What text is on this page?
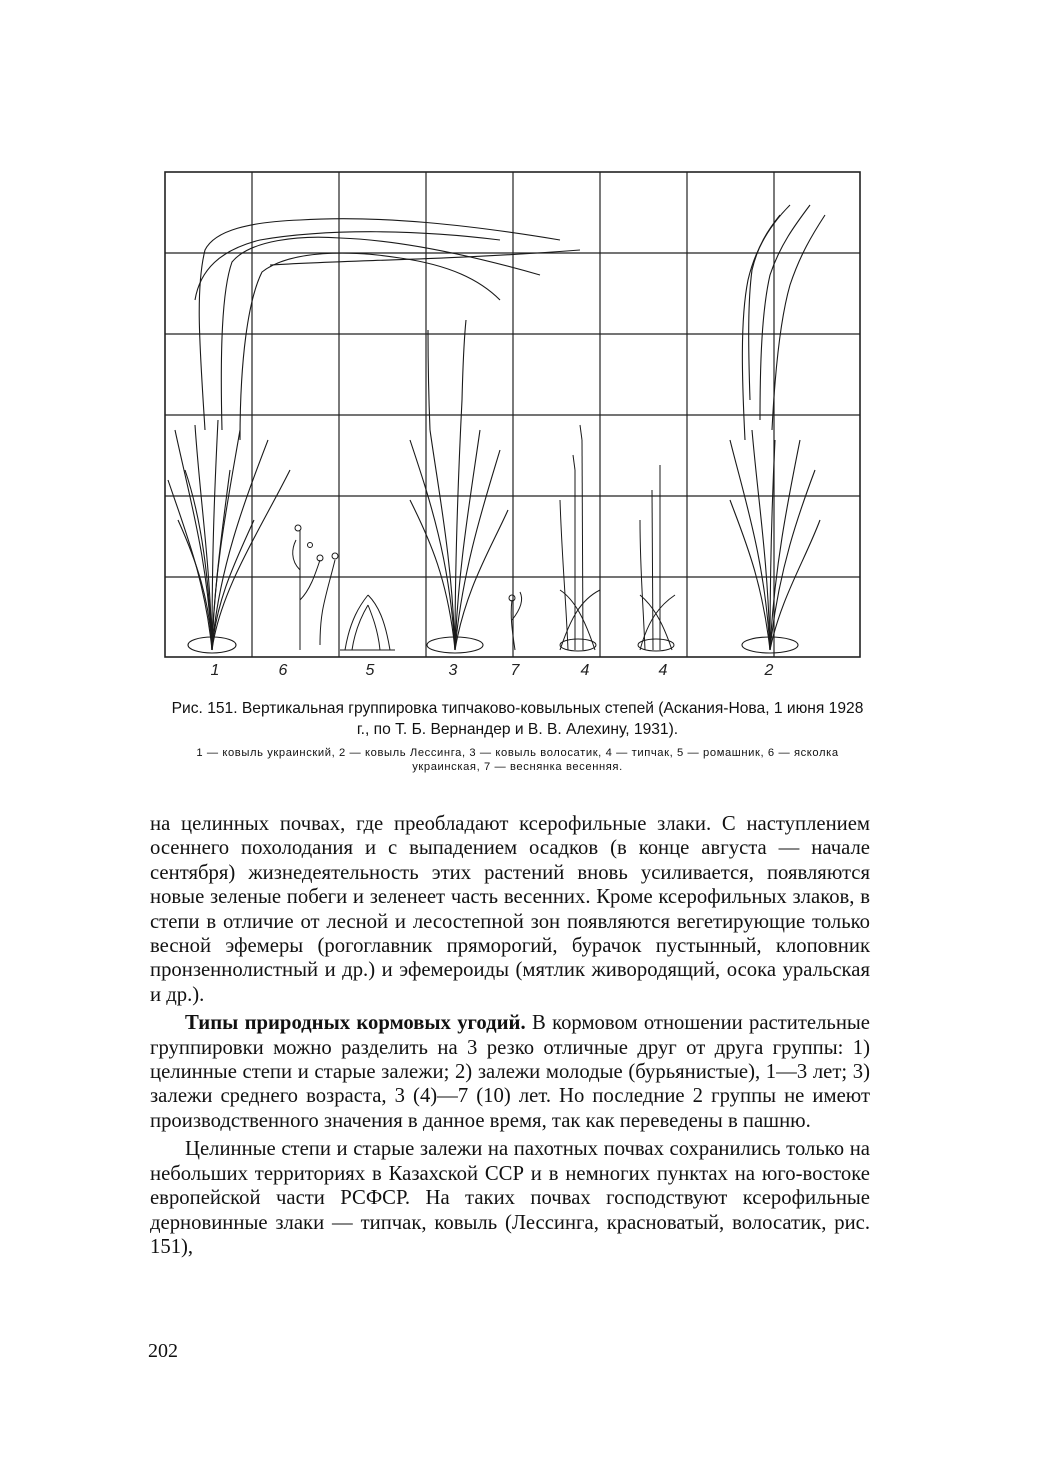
1	6	5	3	7	4	4	2

Рис. 151. Вертикальная группировка типчаково-ковыльных степей (Аскания-Нова, 1 июня 1928 г., по Т. Б. Вернандер и В. В. Алехину, 1931).

1 — ковыль украинский, 2 — ковыль Лессинга, 3 — ковыль волосатик, 4 — типчак, 5 — ромашник, 6 — ясколка украинская, 7 — веснянка весенняя.

на целинных почвах, где преобладают ксерофильные злаки. С наступлением осеннего похолодания и с выпадением осадков (в конце августа — начале сентября) жизнедеятельность этих растений вновь усиливается, появляются новые зеленые побеги и зеленеет часть весенних. Кроме ксерофильных злаков, в степи в отличие от лесной и лесостепной зон появляются вегетирующие только весной эфемеры (рогоглавник пряморогий, бурачок пустынный, клоповник пронзеннолистный и др.) и эфемероиды (мятлик живородящий, осока уральская и др.).

Типы природных кормовых угодий. В кормовом отношении растительные группировки можно разделить на 3 резко отличные друг от друга группы: 1) целинные степи и старые залежи; 2) залежи молодые (бурьянистые), 1—3 лет; 3) залежи среднего возраста, 3 (4)—7 (10) лет. Но последние 2 группы не имеют производственного значения в данное время, так как переведены в пашню.

Целинные степи и старые залежи на пахотных почвах сохранились только на небольших территориях в Казахской ССР и в немногих пунктах на юго-востоке европейской части РСФСР. На таких почвах господствуют ксерофильные дерновинные злаки — типчак, ковыль (Лессинга, красноватый, волосатик, рис. 151),

202
